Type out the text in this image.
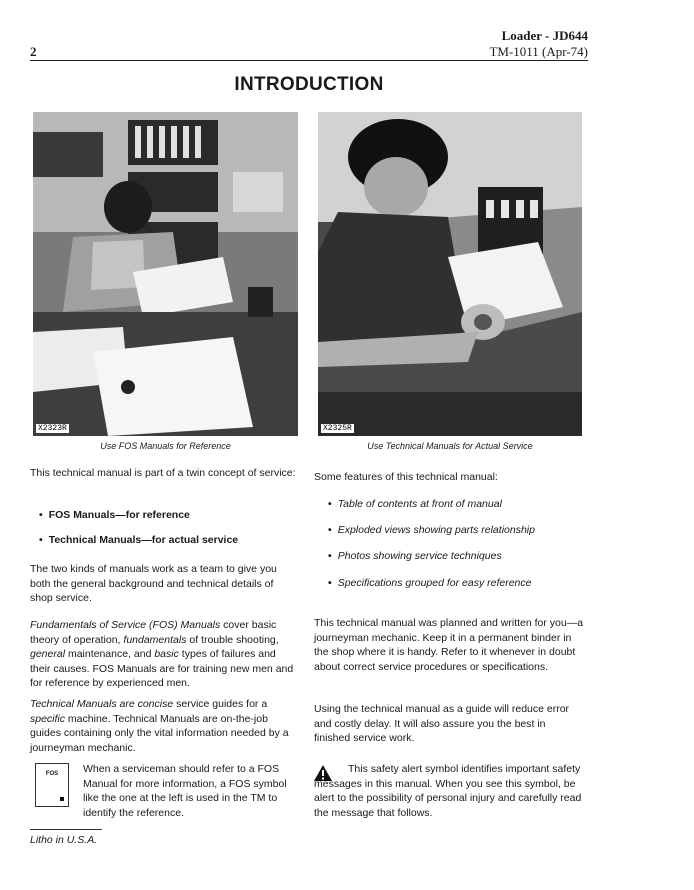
2
Loader - JD644
TM-1011 (Apr-74)
INTRODUCTION
X2323R
Use FOS Manuals for Reference
X2325R
Use Technical Manuals for Actual Service
This technical manual is part of a twin concept of service:
• FOS Manuals—for reference
• Technical Manuals—for actual service
The two kinds of manuals work as a team to give you both the general background and technical details of shop service.
Fundamentals of Service (FOS) Manuals cover basic theory of operation, fundamentals of trouble shooting, general maintenance, and basic types of failures and their causes. FOS Manuals are for training new men and for reference by experienced men.
Technical Manuals are concise service guides for a specific machine. Technical Manuals are on-the-job guides containing only the vital information needed by a journeyman mechanic.
FOS	When a serviceman should refer to a FOS Manual for more information, a FOS symbol like the one at the left is used in the TM to identify the reference.
Litho in U.S.A.
Some features of this technical manual:
• Table of contents at front of manual
• Exploded views showing parts relationship
• Photos showing service techniques
• Specifications grouped for easy reference
This technical manual was planned and written for you—a journeyman mechanic. Keep it in a permanent binder in the shop where it is handy. Refer to it whenever in doubt about correct service procedures or specifications.
Using the technical manual as a guide will reduce error and costly delay. It will also assure you the best in finished service work.
This safety alert symbol identifies important safety messages in this manual. When you see this symbol, be alert to the possibility of personal injury and carefully read the message that follows.
